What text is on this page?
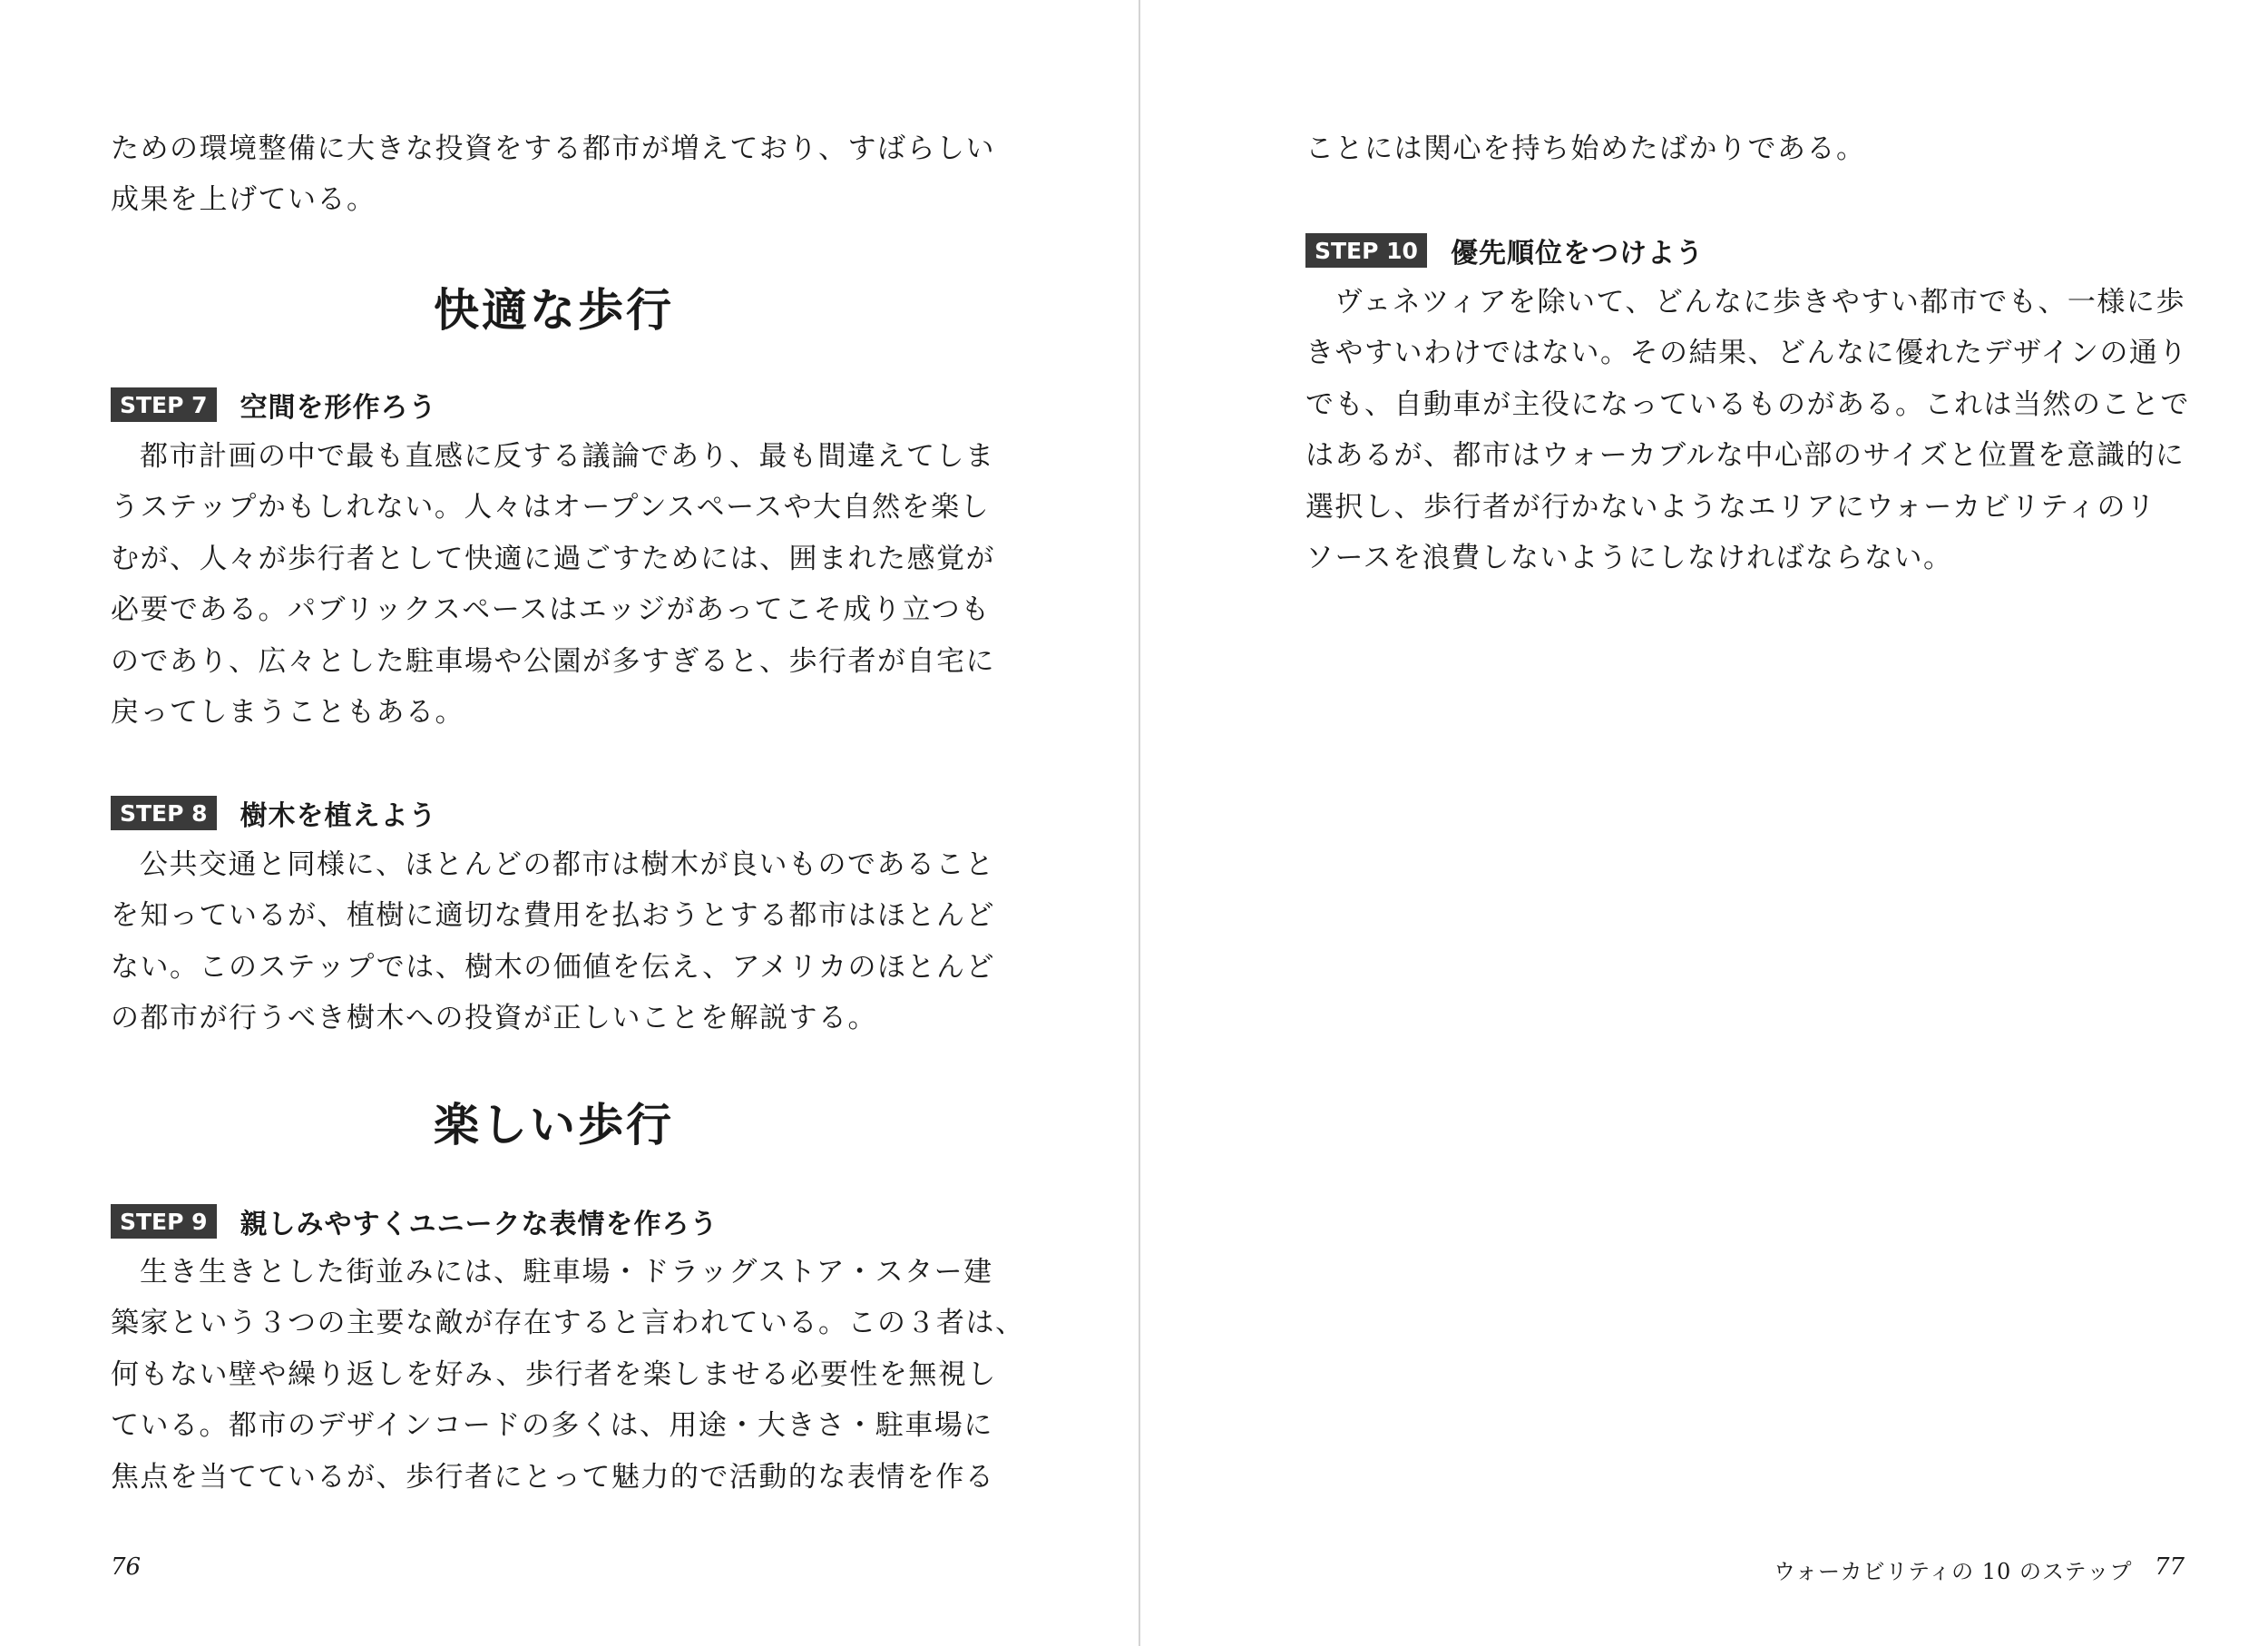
ための環境整備に大きな投資をする都市が増えており、すばらしい
成果を上げている。
快適な歩行
STEP 7	空間を形作ろう
都市計画の中で最も直感に反する議論であり、最も間違えてしま
うステップかもしれない。人々はオープンスペースや大自然を楽し
むが、人々が歩行者として快適に過ごすためには、囲まれた感覚が
必要である。パブリックスペースはエッジがあってこそ成り立つも
のであり、広々とした駐車場や公園が多すぎると、歩行者が自宅に
戻ってしまうこともある。
STEP 8	樹木を植えよう
公共交通と同様に、ほとんどの都市は樹木が良いものであること
を知っているが、植樹に適切な費用を払おうとする都市はほとんど
ない。このステップでは、樹木の価値を伝え、アメリカのほとんど
の都市が行うべき樹木への投資が正しいことを解説する。
楽しい歩行
STEP 9	親しみやすくユニークな表情を作ろう
生き生きとした街並みには、駐車場・ドラッグストア・スター建
築家という３つの主要な敵が存在すると言われている。この３者は、
何もない壁や繰り返しを好み、歩行者を楽しませる必要性を無視し
ている。都市のデザインコードの多くは、用途・大きさ・駐車場に
焦点を当てているが、歩行者にとって魅力的で活動的な表情を作る
76
ことには関心を持ち始めたばかりである。
STEP 10	優先順位をつけよう
ヴェネツィアを除いて、どんなに歩きやすい都市でも、一様に歩
きやすいわけではない。その結果、どんなに優れたデザインの通り
でも、自動車が主役になっているものがある。これは当然のことで
はあるが、都市はウォーカブルな中心部のサイズと位置を意識的に
選択し、歩行者が行かないようなエリアにウォーカビリティのリ
ソースを浪費しないようにしなければならない。
ウォーカビリティの 10 のステップ 77
